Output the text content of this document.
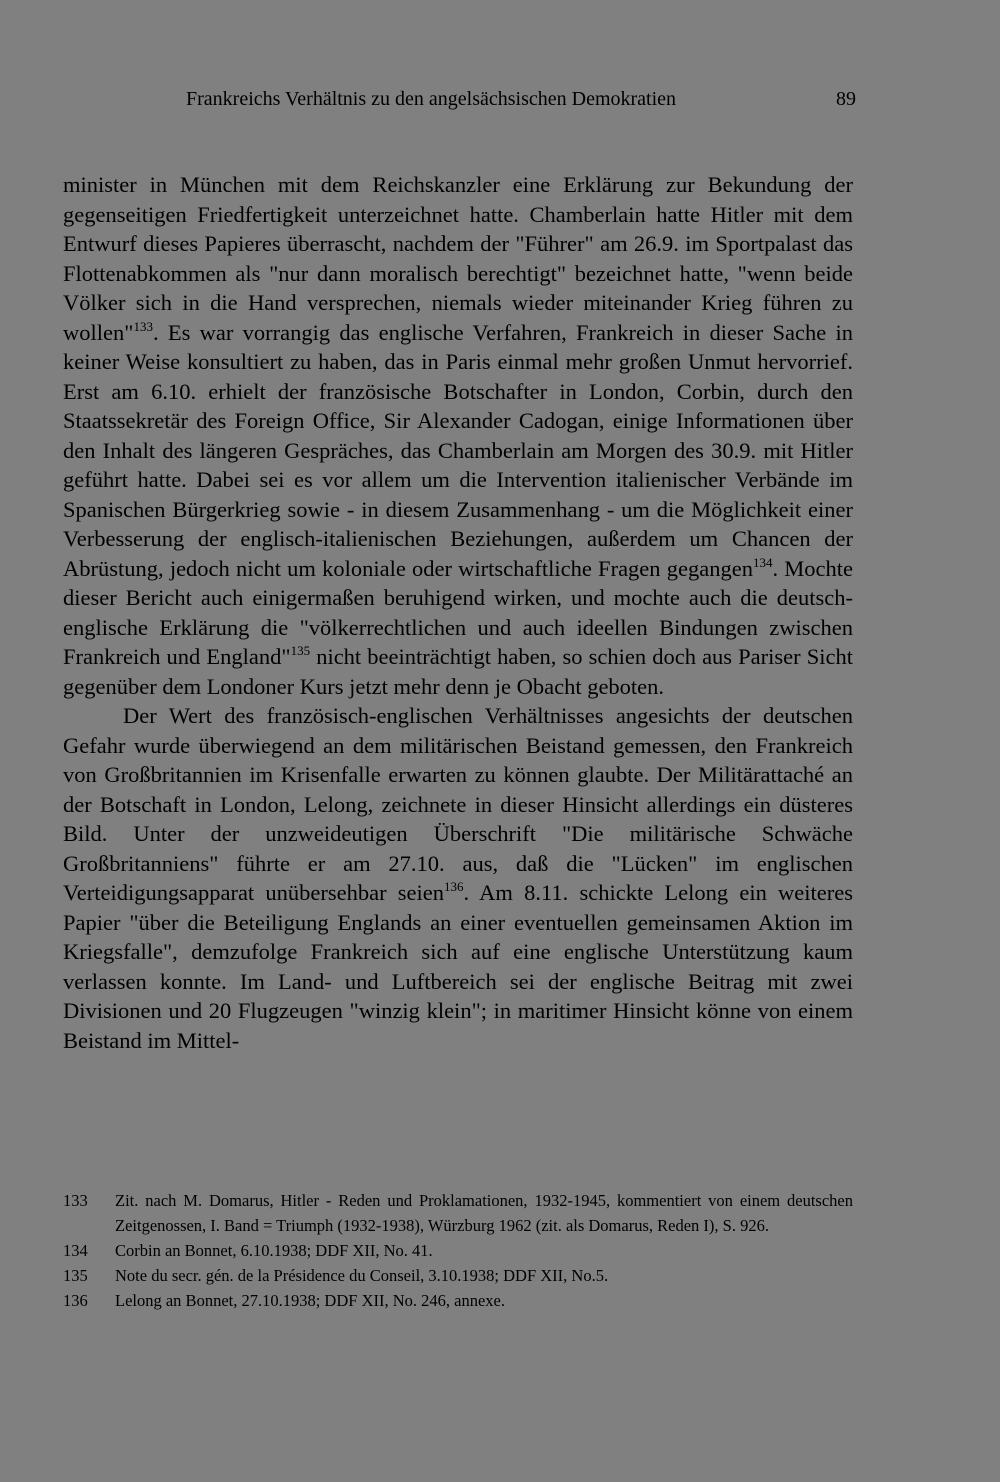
Frankreichs Verhältnis zu den angelsächsischen Demokratien	89

minister in München mit dem Reichskanzler eine Erklärung zur Bekundung der gegenseitigen Friedfertigkeit unterzeichnet hatte. Chamberlain hatte Hitler mit dem Entwurf dieses Papieres überrascht, nachdem der "Führer" am 26.9. im Sportpalast das Flottenabkommen als "nur dann moralisch berechtigt" bezeichnet hatte, "wenn beide Völker sich in die Hand versprechen, niemals wieder miteinander Krieg führen zu wollen"$^{133}$. Es war vorrangig das englische Verfahren, Frankreich in dieser Sache in keiner Weise konsultiert zu haben, das in Paris einmal mehr großen Unmut hervorrief. Erst am 6.10. erhielt der französische Botschafter in London, Corbin, durch den Staatssekretär des Foreign Office, Sir Alexander Cadogan, einige Informationen über den Inhalt des längeren Gespräches, das Chamberlain am Morgen des 30.9. mit Hitler geführt hatte. Dabei sei es vor allem um die Intervention italienischer Verbände im Spanischen Bürgerkrieg sowie - in diesem Zusammenhang - um die Möglichkeit einer Verbesserung der englisch-italienischen Beziehungen, außerdem um Chancen der Abrüstung, jedoch nicht um koloniale oder wirtschaftliche Fragen gegangen$^{134}$. Mochte dieser Bericht auch einigermaßen beruhigend wirken, und mochte auch die deutsch-englische Erklärung die "völkerrechtlichen und auch ideellen Bindungen zwischen Frankreich und England"$^{135}$ nicht beeinträchtigt haben, so schien doch aus Pariser Sicht gegenüber dem Londoner Kurs jetzt mehr denn je Obacht geboten.

Der Wert des französisch-englischen Verhältnisses angesichts der deutschen Gefahr wurde überwiegend an dem militärischen Beistand gemessen, den Frankreich von Großbritannien im Krisenfalle erwarten zu können glaubte. Der Militärattaché an der Botschaft in London, Lelong, zeichnete in dieser Hinsicht allerdings ein düsteres Bild. Unter der unzweideutigen Überschrift "Die militärische Schwäche Großbritanniens" führte er am 27.10. aus, daß die "Lücken" im englischen Verteidigungsapparat unübersehbar seien$^{136}$. Am 8.11. schickte Lelong ein weiteres Papier "über die Beteiligung Englands an einer eventuellen gemeinsamen Aktion im Kriegsfalle", demzufolge Frankreich sich auf eine englische Unterstützung kaum verlassen konnte. Im Land- und Luftbereich sei der englische Beitrag mit zwei Divisionen und 20 Flugzeugen "winzig klein"; in maritimer Hinsicht könne von einem Beistand im Mittel-

133 Zit. nach M. Domarus, Hitler - Reden und Proklamationen, 1932-1945, kommentiert von einem deutschen Zeitgenossen, I. Band = Triumph (1932-1938), Würzburg 1962 (zit. als Domarus, Reden I), S. 926.
134 Corbin an Bonnet, 6.10.1938; DDF XII, No. 41.
135 Note du secr. gén. de la Présidence du Conseil, 3.10.1938; DDF XII, No.5.
136 Lelong an Bonnet, 27.10.1938; DDF XII, No. 246, annexe.
